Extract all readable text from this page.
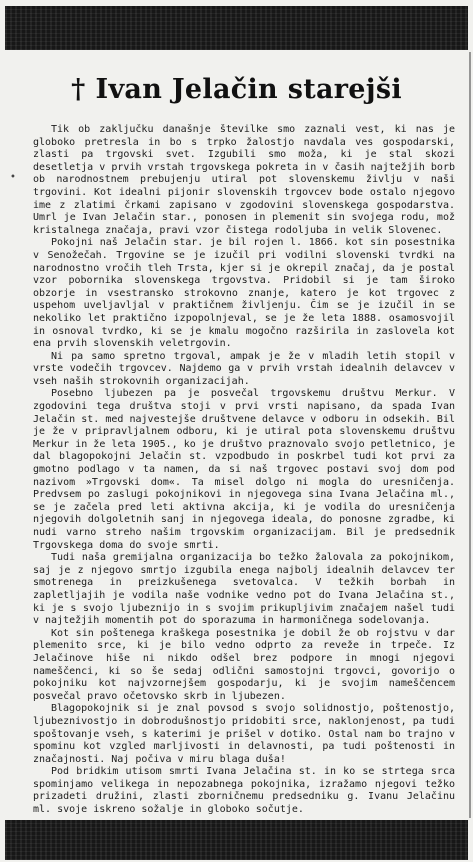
•
† Ivan Jelačin starejši

Tik ob zaključku današnje številke smo zaznali vest, ki nas je globoko pretresla in bo s trpko žalostjo navdala ves gospodarski, zlasti pa trgovski svet. Izgubili smo moža, ki je stal skozi desetletja v prvih vrstah trgovskega pokreta in v časih najtežjih borb ob narodnostnem prebujenju utiral pot slovenskemu življu v naši trgovini. Kot idealni pijonir slovenskih trgovcev bode ostalo njegovo ime z zlatimi črkami zapisano v zgodovini slovenskega gospodarstva. Umrl je Ivan Jelačin star., ponosen in plemenit sin svojega rodu, mož kristalnega značaja, pravi vzor čistega rodoljuba in velik Slovenec.

Pokojni naš Jelačin star. je bil rojen l. 1866. kot sin posestnika v Senožečah. Trgovine se je izučil pri vodilni slovenski tvrdki na narodnostno vročih tleh Trsta, kjer si je okrepil značaj, da je postal vzor pobornika slovenskega trgovstva. Pridobil si je tam široko obzorje in vsestransko strokovno znanje, katero je kot trgovec z uspehom uveljavljal v praktičnem življenju. Čim se je izučil in se nekoliko let praktično izpopolnjeval, se je že leta 1888. osamosvojil in osnoval tvrdko, ki se je kmalu mogočno razširila in zaslovela kot ena prvih slovenskih veletrgovin.

Ni pa samo spretno trgoval, ampak je že v mladih letih stopil v vrste vodečih trgovcev. Najdemo ga v prvih vrstah idealnih delavcev v vseh naših strokovnih organizacijah.

Posebno ljubezen pa je posvečal trgovskemu društvu Merkur. V zgodovini tega društva stoji v prvi vrsti napisano, da spada Ivan Jelačin st. med najvestejše društvene delavce v odboru in odsekih. Bil je že v pripravljalnem odboru, ki je utiral pota slovenskemu društvu Merkur in že leta 1905., ko je društvo praznovalo svojo petletnico, je dal blagopokojni Jelačin st. vzpodbudo in poskrbel tudi kot prvi za gmotno podlago v ta namen, da si naš trgovec postavi svoj dom pod nazivom »Trgovski dom«. Ta misel dolgo ni mogla do uresničenja. Predvsem po zaslugi pokojnikovi in njegovega sina Ivana Jelačina ml., se je začela pred leti aktivna akcija, ki je vodila do uresničenja njegovih dolgoletnih sanj in njegovega ideala, do ponosne zgradbe, ki nudi varno streho našim trgovskim organizacijam. Bil je predsednik Trgovskega doma do svoje smrti.

Tudi naša gremijalna organizacija bo težko žalovala za pokojnikom, saj je z njegovo smrtjo izgubila enega najbolj idealnih delavcev ter smotrenega in preizkušenega svetovalca. V težkih borbah in zapletljajih je vodila naše vodnike vedno pot do Ivana Jelačina st., ki je s svojo ljubeznijo in s svojim prikupljivim značajem našel tudi v najtežjih momentih pot do sporazuma in harmoničnega sodelovanja.

Kot sin poštenega kraškega posestnika je dobil že ob rojstvu v dar plemenito srce, ki je bilo vedno odprto za reveže in trpeče. Iz Jelačinove hiše ni nikdo odšel brez podpore in mnogi njegovi nameščenci, ki so še sedaj odlični samostojni trgovci, govorijo o pokojniku kot najvzornejšem gospodarju, ki je svojim nameščencem posvečal pravo očetovsko skrb in ljubezen.

Blagopokojnik si je znal povsod s svojo solidnostjo, poštenostjo, ljubeznivostjo in dobrodušnostjo pridobiti srce, naklonjenost, pa tudi spoštovanje vseh, s katerimi je prišel v dotiko. Ostal nam bo trajno v spominu kot vzgled marljivosti in delavnosti, pa tudi poštenosti in značajnosti. Naj počiva v miru blaga duša!

Pod bridkim utisom smrti Ivana Jelačina st. in ko se strtega srca spominjamo velikega in nepozabnega pokojnika, izražamo njegovi težko prizadeti družini, zlasti zborničnemu predsedniku g. Ivanu Jelačinu ml. svoje iskreno sožalje in globoko sočutje.
